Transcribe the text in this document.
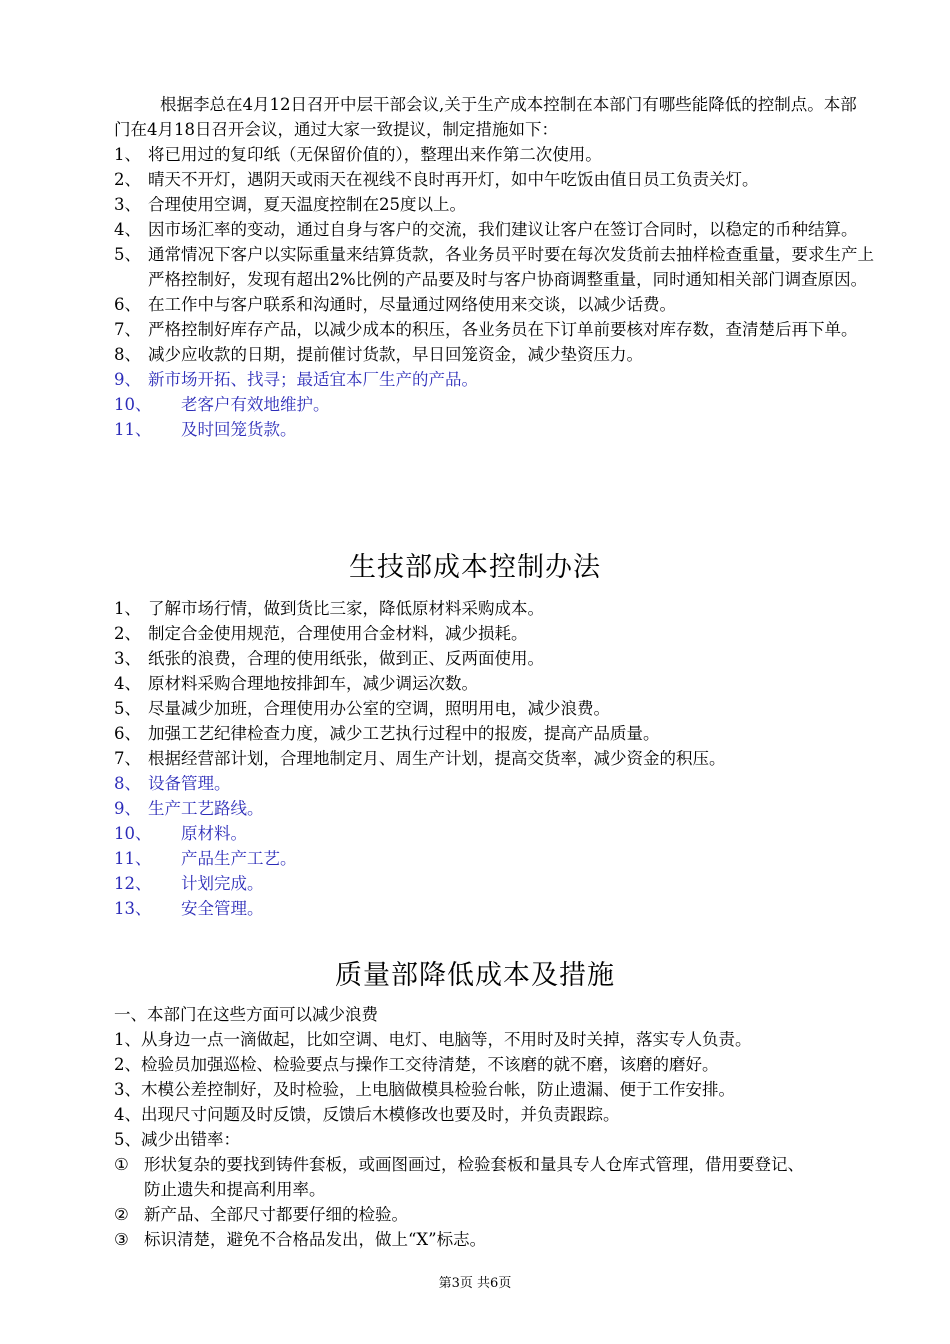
根据李总在4月12日召开中层干部会议,关于生产成本控制在本部门有哪些能降低的控制点。本部门在4月18日召开会议，通过大家一致提议，制定措施如下：
1、 将已用过的复印纸（无保留价值的），整理出来作第二次使用。
2、 晴天不开灯，遇阴天或雨天在视线不良时再开灯，如中午吃饭由值日员工负责关灯。
3、 合理使用空调，夏天温度控制在25度以上。
4、 因市场汇率的变动，通过自身与客户的交流，我们建议让客户在签订合同时，以稳定的币种结算。
5、 通常情况下客户以实际重量来结算货款，各业务员平时要在每次发货前去抽样检查重量，要求生产上严格控制好，发现有超出2%比例的产品要及时与客户协商调整重量，同时通知相关部门调查原因。
6、 在工作中与客户联系和沟通时，尽量通过网络使用来交谈，以减少话费。
7、 严格控制好库存产品，以减少成本的积压，各业务员在下订单前要核对库存数，查清楚后再下单。
8、 减少应收款的日期，提前催讨货款，早日回笼资金，减少垫资压力。
9、 新市场开拓、找寻；最适宜本厂生产的产品。
10、 老客户有效地维护。
11、 及时回笼货款。
生技部成本控制办法
1、 了解市场行情，做到货比三家，降低原材料采购成本。
2、 制定合金使用规范，合理使用合金材料，减少损耗。
3、 纸张的浪费，合理的使用纸张，做到正、反两面使用。
4、 原材料采购合理地按排卸车，减少调运次数。
5、 尽量减少加班，合理使用办公室的空调，照明用电，减少浪费。
6、 加强工艺纪律检查力度，减少工艺执行过程中的报废，提高产品质量。
7、 根据经营部计划，合理地制定月、周生产计划，提高交货率，减少资金的积压。
8、 设备管理。
9、 生产工艺路线。
10、 原材料。
11、 产品生产工艺。
12、 计划完成。
13、 安全管理。
质量部降低成本及措施
一、本部门在这些方面可以减少浪费
1、从身边一点一滴做起，比如空调、电灯、电脑等，不用时及时关掉，落实专人负责。
2、检验员加强巡检、检验要点与操作工交待清楚，不该磨的就不磨，该磨的磨好。
3、木模公差控制好，及时检验，上电脑做模具检验台帐，防止遗漏、便于工作安排。
4、出现尺寸问题及时反馈，反馈后木模修改也要及时，并负责跟踪。
5、减少出错率：
① 形状复杂的要找到铸件套板，或画图画过，检验套板和量具专人仓库式管理，借用要登记、防止遗失和提高利用率。
② 新产品、全部尺寸都要仔细的检验。
③ 标识清楚，避免不合格品发出，做上“X”标志。
第3页 共6页
